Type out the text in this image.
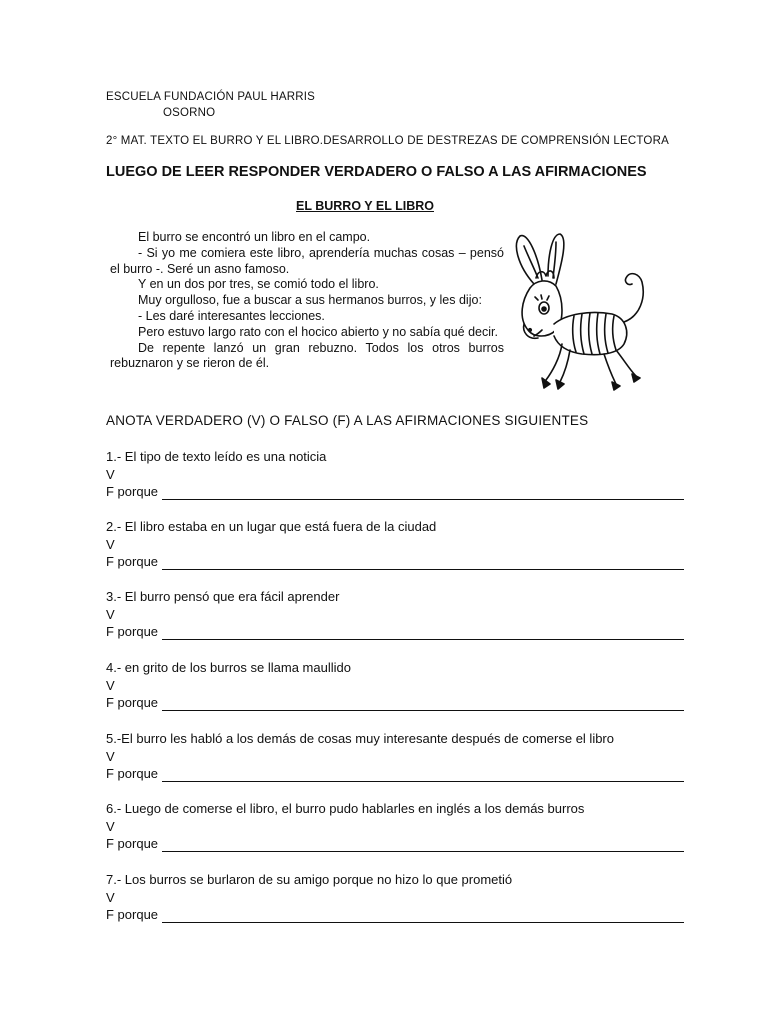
ESCUELA FUNDACIÓN PAUL HARRIS
OSORNO
2° MAT. TEXTO EL BURRO Y EL LIBRO.DESARROLLO DE DESTREZAS DE COMPRENSIÓN LECTORA
LUEGO DE LEER RESPONDER VERDADERO O FALSO A LAS AFIRMACIONES
EL BURRO Y EL LIBRO
El burro se encontró un libro en el campo.
- Si yo me comiera este libro, aprendería muchas cosas – pensó el burro -. Seré un asno famoso.
Y en un dos por tres, se comió todo el libro.
Muy orgulloso, fue a buscar a sus hermanos burros, y les dijo:
- Les daré interesantes lecciones.
Pero estuvo largo rato con el hocico abierto y no sabía qué decir.
De repente lanzó un gran rebuzno. Todos los otros burros rebuznaron y se rieron de él.
ANOTA VERDADERO (V) O FALSO (F) A LAS AFIRMACIONES SIGUIENTES
1.- El tipo de texto leído es una noticia
V
F porque
2.- El libro estaba en un lugar que está fuera de la ciudad
V
F porque
3.- El burro pensó que era fácil aprender
V
F porque
4.- en grito de los burros se llama maullido
V
F porque
5.-El burro les habló a los demás de cosas muy interesante después de comerse el libro
V
F porque
6.- Luego de comerse el libro, el burro pudo hablarles en inglés a los demás burros
V
F porque
7.- Los burros se burlaron de su amigo porque no hizo lo que prometió
V
F porque
